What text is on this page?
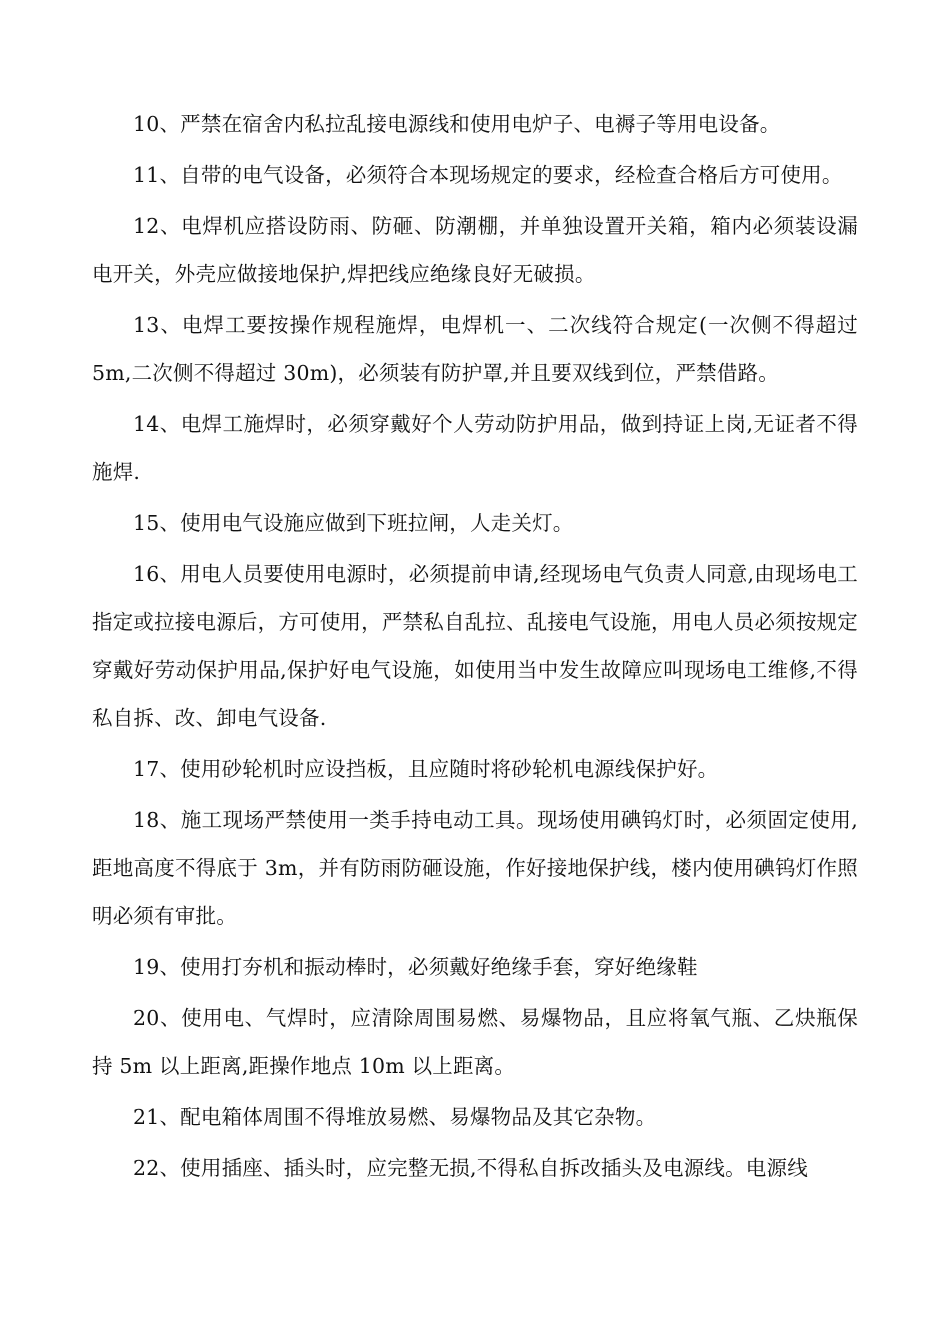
10、严禁在宿舍内私拉乱接电源线和使用电炉子、电褥子等用电设备。

11、自带的电气设备，必须符合本现场规定的要求，经检查合格后方可使用。

12、电焊机应搭设防雨、防砸、防潮棚，并单独设置开关箱，箱内必须装设漏电开关，外壳应做接地保护,焊把线应绝缘良好无破损。

13、电焊工要按操作规程施焊，电焊机一、二次线符合规定(一次侧不得超过 5m,二次侧不得超过 30m)，必须装有防护罩,并且要双线到位，严禁借路。

14、电焊工施焊时，必须穿戴好个人劳动防护用品，做到持证上岗,无证者不得施焊.

15、使用电气设施应做到下班拉闸，人走关灯。

16、用电人员要使用电源时，必须提前申请,经现场电气负责人同意,由现场电工指定或拉接电源后，方可使用，严禁私自乱拉、乱接电气设施，用电人员必须按规定穿戴好劳动保护用品,保护好电气设施，如使用当中发生故障应叫现场电工维修,不得私自拆、改、卸电气设备.

17、使用砂轮机时应设挡板，且应随时将砂轮机电源线保护好。

18、施工现场严禁使用一类手持电动工具。现场使用碘钨灯时，必须固定使用,距地高度不得底于 3m，并有防雨防砸设施，作好接地保护线，楼内使用碘钨灯作照明必须有审批。

19、使用打夯机和振动棒时，必须戴好绝缘手套，穿好绝缘鞋

20、使用电、气焊时，应清除周围易燃、易爆物品，且应将氧气瓶、乙炔瓶保持 5m 以上距离,距操作地点 10m 以上距离。

21、配电箱体周围不得堆放易燃、易爆物品及其它杂物。

22、使用插座、插头时，应完整无损,不得私自拆改插头及电源线。电源线
